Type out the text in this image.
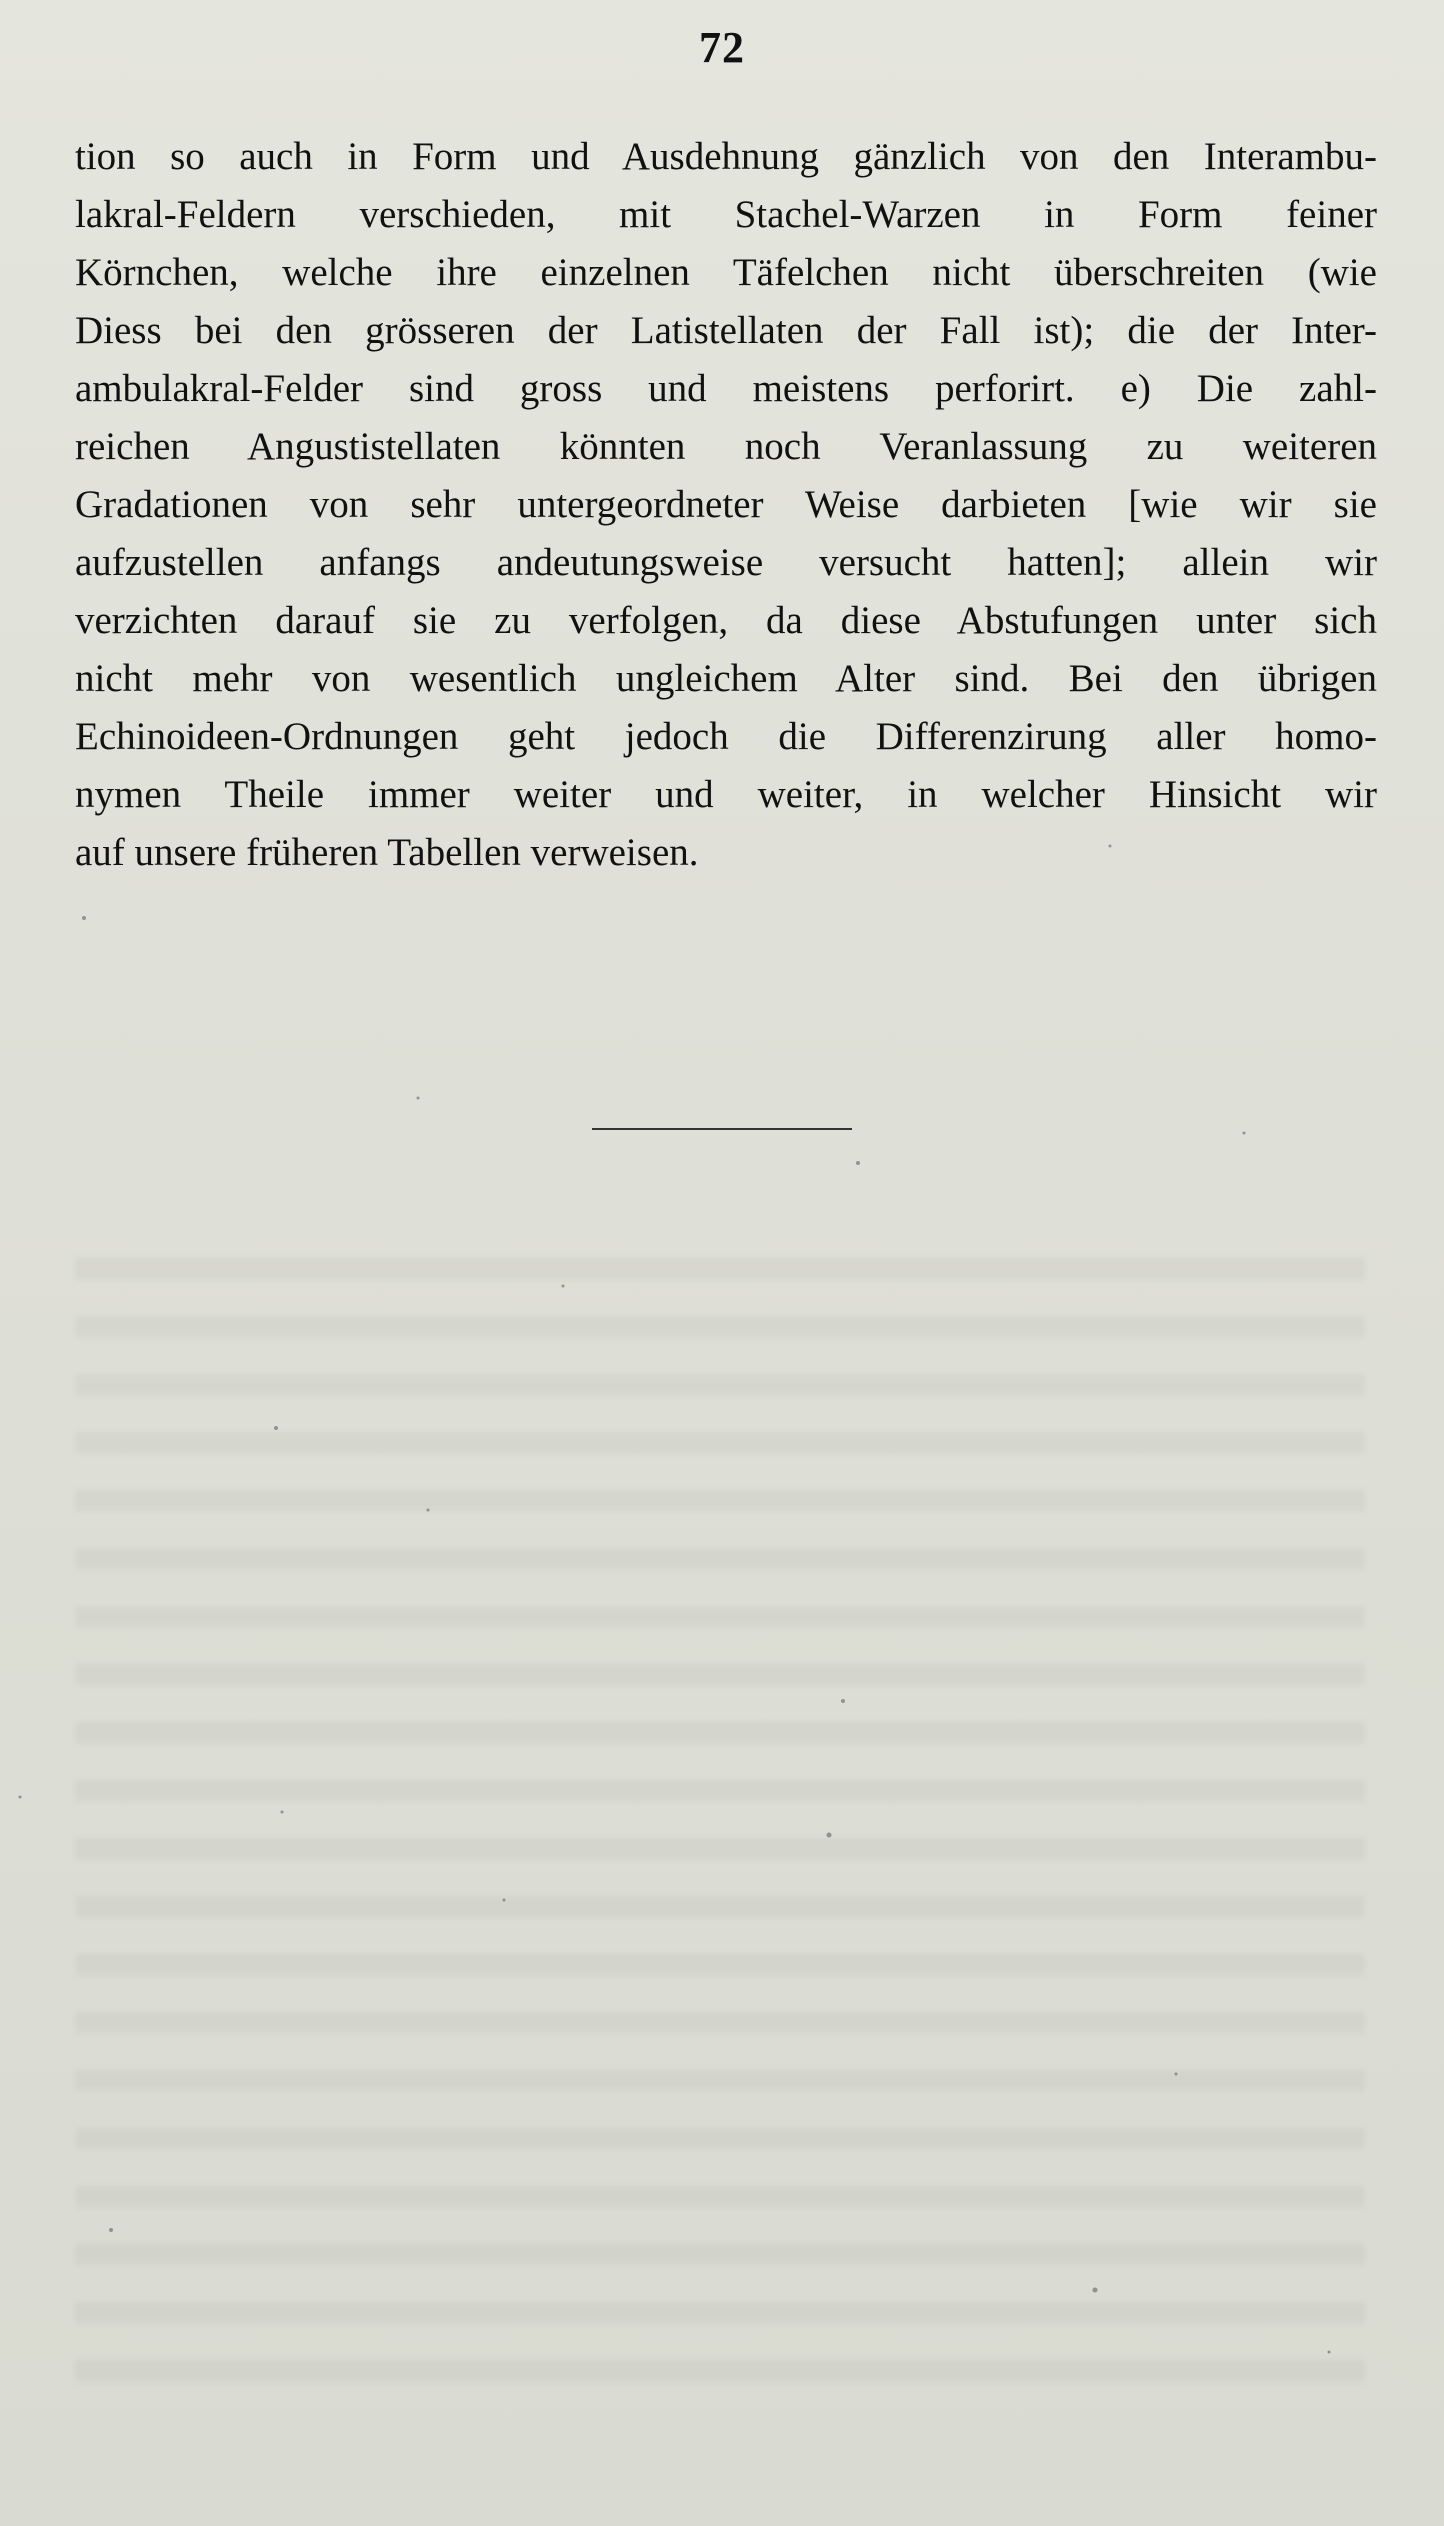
72
tion so auch in Form und Ausdehnung gänzlich von den Interambu-
lakral-Feldern verschieden, mit Stachel-Warzen in Form feiner
Körnchen, welche ihre einzelnen Täfelchen nicht überschreiten (wie
Diess bei den grösseren der Latistellaten der Fall ist); die der Inter-
ambulakral-Felder sind gross und meistens perforirt. e) Die zahl-
reichen Angustistellaten könnten noch Veranlassung zu weiteren
Gradationen von sehr untergeordneter Weise darbieten [wie wir sie
aufzustellen anfangs andeutungsweise versucht hatten]; allein wir
verzichten darauf sie zu verfolgen, da diese Abstufungen unter sich
nicht mehr von wesentlich ungleichem Alter sind. Bei den übrigen
Echinoideen-Ordnungen geht jedoch die Differenzirung aller homo-
nymen Theile immer weiter und weiter, in welcher Hinsicht wir
auf unsere früheren Tabellen verweisen.
